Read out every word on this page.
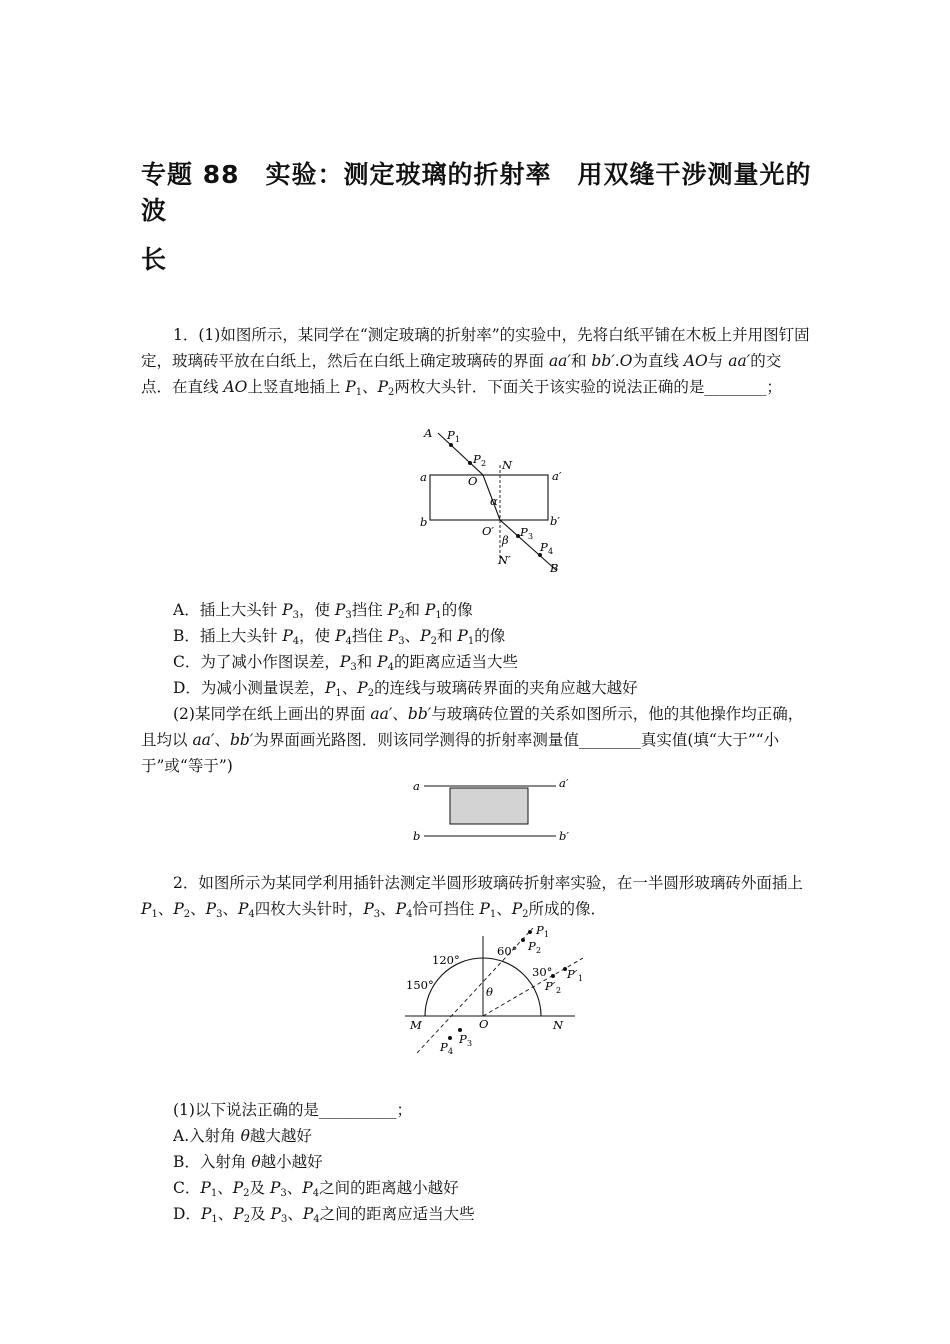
专题 88　实验：测定玻璃的折射率　用双缝干涉测量光的波
长
1．(1)如图所示，某同学在“测定玻璃的折射率”的实验中，先将白纸平铺在木板上并用图钉固定，玻璃砖平放在白纸上，然后在白纸上确定玻璃砖的界面 aa′和 bb′.O为直线 AO与 aa′的交点．在直线 AO上竖直地插上 $P_1$、$P_2$两枚大头针．下面关于该实验的说法正确的是________；
A P 1
P 2 N
a	a′
O
α
b	b′
O′ P 3
β	P 4
N′
B
A．插上大头针 $P_3$，使 $P_3$挡住 $P_2$和 $P_1$的像
B．插上大头针 $P_4$，使 $P_4$挡住 $P_3$、$P_2$和 $P_1$的像
C．为了减小作图误差，$P_3$和 $P_4$的距离应适当大些
D．为减小测量误差，$P_1$、$P_2$的连线与玻璃砖界面的夹角应越大越好
(2)某同学在纸上画出的界面 aa′、bb′与玻璃砖位置的关系如图所示，他的其他操作均正确，且均以 aa′、bb′为界面画光路图．则该同学测得的折射率测量值________真实值(填“大于”“小于”或“等于”)
a	a′
b	b′
2．如图所示为某同学利用插针法测定半圆形玻璃砖折射率实验，在一半圆形玻璃砖外面插上 $P_1$、$P_2$、$P_3$、$P_4$四枚大头针时，$P_3$、$P_4$恰可挡住 $P_1$、$P_2$所成的像．
120°
60°
150°
30°
θ
M	O	N
P 1
P 2
P′ 1
P′ 2
P 3
P 4
(1)以下说法正确的是__________；
A.入射角 θ越大越好
B．入射角 θ越小越好
C．$P_1$、$P_2$及 $P_3$、$P_4$之间的距离越小越好
D．$P_1$、$P_2$及 $P_3$、$P_4$之间的距离应适当大些
